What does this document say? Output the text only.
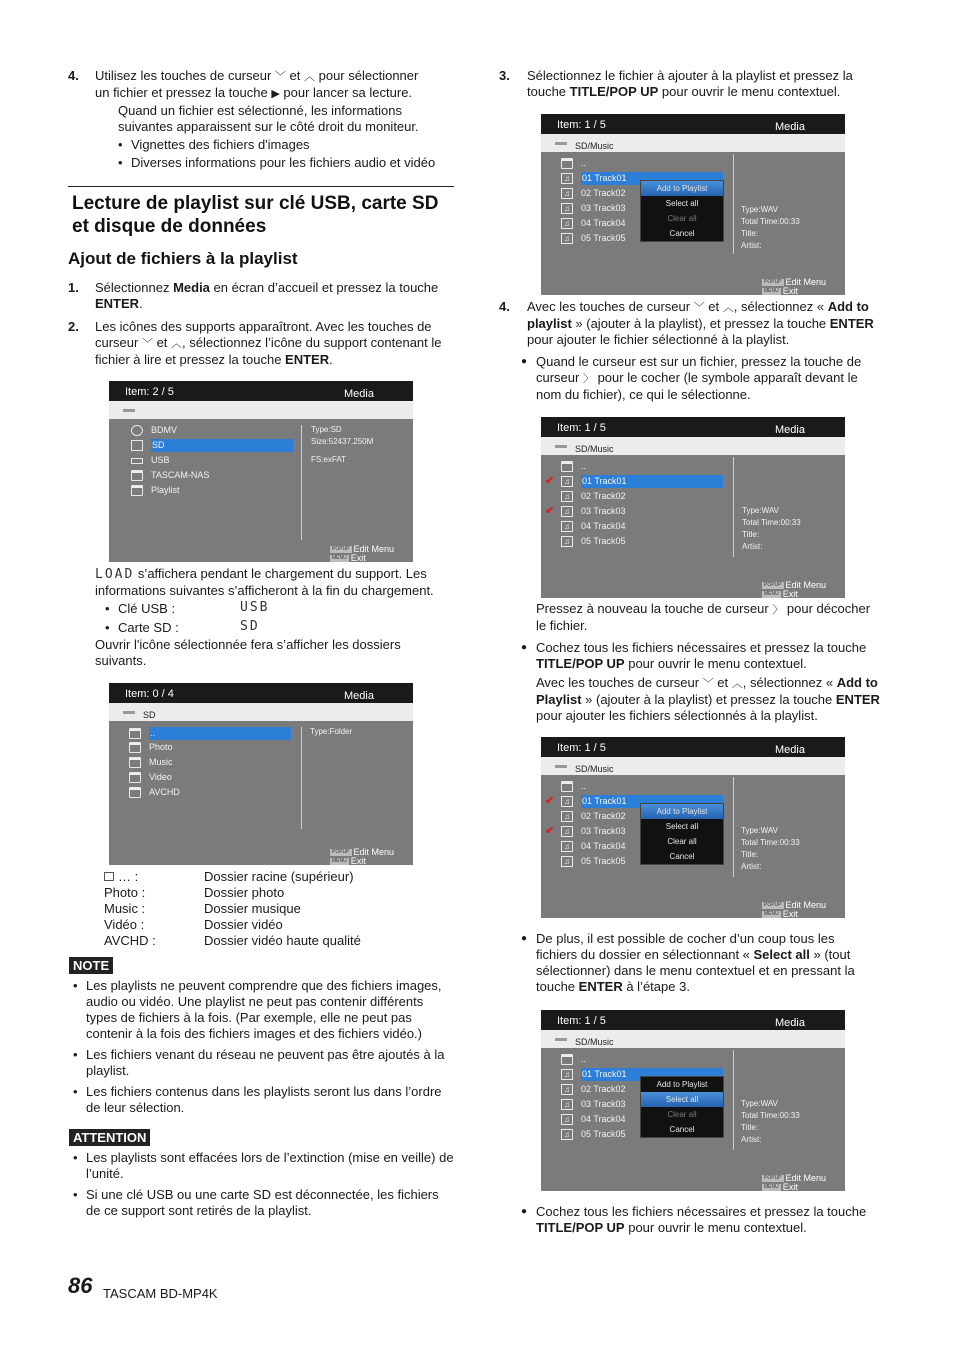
4. Utilisez les touches de curseur ﹀ et ︿ pour sélectionner
un fichier et pressez la touche ▶ pour lancer sa lecture.
Quand un fichier est sélectionné, les informations suivantes apparaissent sur le côté droit du moniteur.
• Vignettes des fichiers d'images
• Diverses informations pour les fichiers audio et vidéo
Lecture de playlist sur clé USB, carte SD et disque de données
Ajout de fichiers à la playlist
1. Sélectionnez Media en écran d’accueil et pressez la touche ENTER.
2. Les icônes des supports apparaîtront. Avec les touches de curseur ﹀ et ︿, sélectionnez l’icône du support contenant le fichier à lire et pressez la touche ENTER.
Item: 2 / 5	Media
BDMV
SD
USB
TASCAM-NAS
Playlist
Type:SD
Size:52437.250M
FS:exFAT
POPUP Edit Menu
MENU Exit
LOAD s’affichera pendant le chargement du support. Les informations suivantes s’afficheront à la fin du chargement.
• Clé USB :	USB
• Carte SD :	SD
Ouvrir l'icône sélectionnée fera s’afficher les dossiers suivants.
Item: 0 / 4	Media
SD
..
Photo
Music
Video
AVCHD
Type:Folder
POPUP Edit Menu
MENU Exit
… :	Dossier racine (supérieur)
Photo :	Dossier photo
Music :	Dossier musique
Vidéo :	Dossier vidéo
AVCHD :	Dossier vidéo haute qualité
NOTE
• Les playlists ne peuvent comprendre que des fichiers images, audio ou vidéo. Une playlist ne peut pas contenir différents types de fichiers à la fois. (Par exemple, elle ne peut pas contenir à la fois des fichiers images et des fichiers vidéo.)
• Les fichiers venant du réseau ne peuvent pas être ajoutés à la playlist.
• Les fichiers contenus dans les playlists seront lus dans l’ordre de leur sélection.
ATTENTION
• Les playlists sont effacées lors de l’extinction (mise en veille) de l’unité.
• Si une clé USB ou une carte SD est déconnectée, les fichiers de ce support sont retirés de la playlist.
3. Sélectionnez le fichier à ajouter à la playlist et pressez la touche TITLE/POP UP pour ouvrir le menu contextuel.
Item: 1 / 5	Media
SD/Music
..
♫	01 Track01
♫	02 Track02
♫	03 Track03
♫	04 Track04
♫	05 Track05
Add to Playlist
Select all
Clear all
Cancel
Type:WAV
Total Time:00:33
Title:
Artist:
POPUP Edit Menu
MENU Exit
4. Avec les touches de curseur ﹀ et ︿, sélectionnez « Add to playlist » (ajouter à la playlist), et pressez la touche ENTER pour ajouter le fichier sélectionné à la playlist.
● Quand le curseur est sur un fichier, pressez la touche de curseur 〉 pour le cocher (le symbole apparaît devant le nom du fichier), ce qui le sélectionne.
Item: 1 / 5	Media
SD/Music
..
✔	♫	01 Track01
♫	02 Track02
✔	♫	03 Track03
♫	04 Track04
♫	05 Track05
Type:WAV
Total Time:00:33
Title:
Artist:
POPUP Edit Menu
MENU Exit
Pressez à nouveau la touche de curseur 〉 pour décocher le fichier.
● Cochez tous les fichiers nécessaires et pressez la touche TITLE/POP UP pour ouvrir le menu contextuel.
Avec les touches de curseur ﹀ et ︿, sélectionnez « Add to Playlist » (ajouter à la playlist) et pressez la touche ENTER pour ajouter les fichiers sélectionnés à la playlist.
Item: 1 / 5	Media
SD/Music
..
✔	♫	01 Track01
♫	02 Track02
✔	♫	03 Track03
♫	04 Track04
♫	05 Track05
Add to Playlist
Select all
Clear all
Cancel
Type:WAV
Total Time:00:33
Title:
Artist:
POPUP Edit Menu
MENU Exit
● De plus, il est possible de cocher d’un coup tous les fichiers du dossier en sélectionnant « Select all » (tout sélectionner) dans le menu contextuel et en pressant la touche ENTER à l’étape 3.
Item: 1 / 5	Media
SD/Music
..
♫	01 Track01
♫	02 Track02
♫	03 Track03
♫	04 Track04
♫	05 Track05
Add to Playlist
Select all
Clear all
Cancel
Type:WAV
Total Time:00:33
Title:
Artist:
POPUP Edit Menu
MENU Exit
● Cochez tous les fichiers nécessaires et pressez la touche TITLE/POP UP pour ouvrir le menu contextuel.
86 TASCAM BD-MP4K
